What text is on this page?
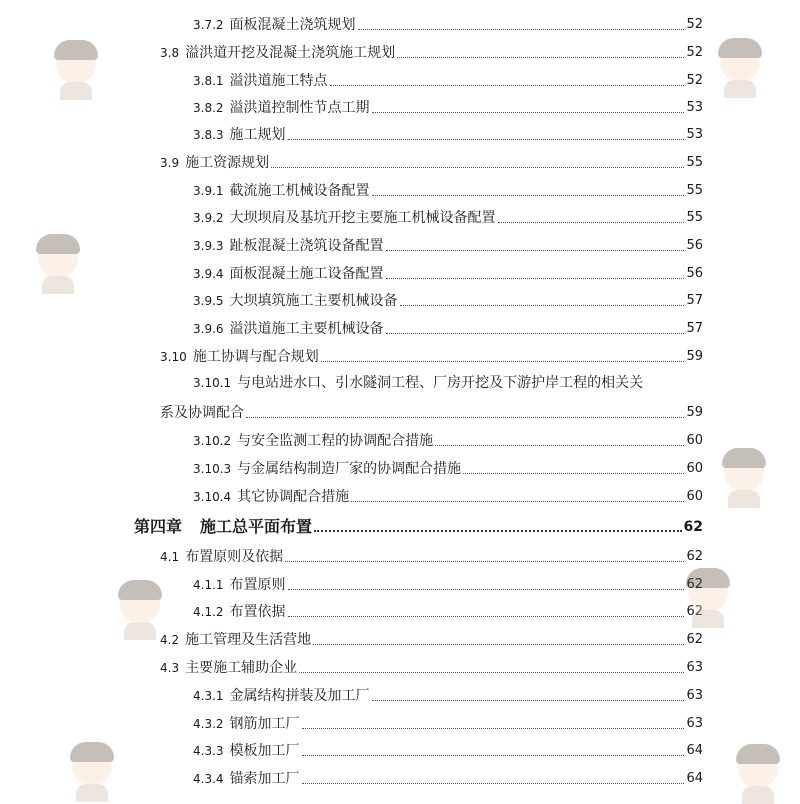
3.7.2 面板混凝土浇筑规划	52
3.8 溢洪道开挖及混凝土浇筑施工规划	52
3.8.1 溢洪道施工特点	52
3.8.2 溢洪道控制性节点工期	53
3.8.3 施工规划	53
3.9 施工资源规划	55
3.9.1 截流施工机械设备配置	55
3.9.2 大坝坝肩及基坑开挖主要施工机械设备配置	55
3.9.3 趾板混凝土浇筑设备配置	56
3.9.4 面板混凝土施工设备配置	56
3.9.5 大坝填筑施工主要机械设备	57
3.9.6 溢洪道施工主要机械设备	57
3.10 施工协调与配合规划	59
3.10.1 与电站进水口、引水隧洞工程、厂房开挖及下游护岸工程的相关关
系及协调配合	59
3.10.2 与安全监测工程的协调配合措施	60
3.10.3 与金属结构制造厂家的协调配合措施	60
3.10.4 其它协调配合措施	60
第四章 施工总平面布置	62
4.1 布置原则及依据	62
4.1.1 布置原则	62
4.1.2 布置依据	62
4.2 施工管理及生活营地	62
4.3 主要施工辅助企业	63
4.3.1 金属结构拼装及加工厂	63
4.3.2 钢筋加工厂	63
4.3.3 模板加工厂	64
4.3.4 锚索加工厂	64
